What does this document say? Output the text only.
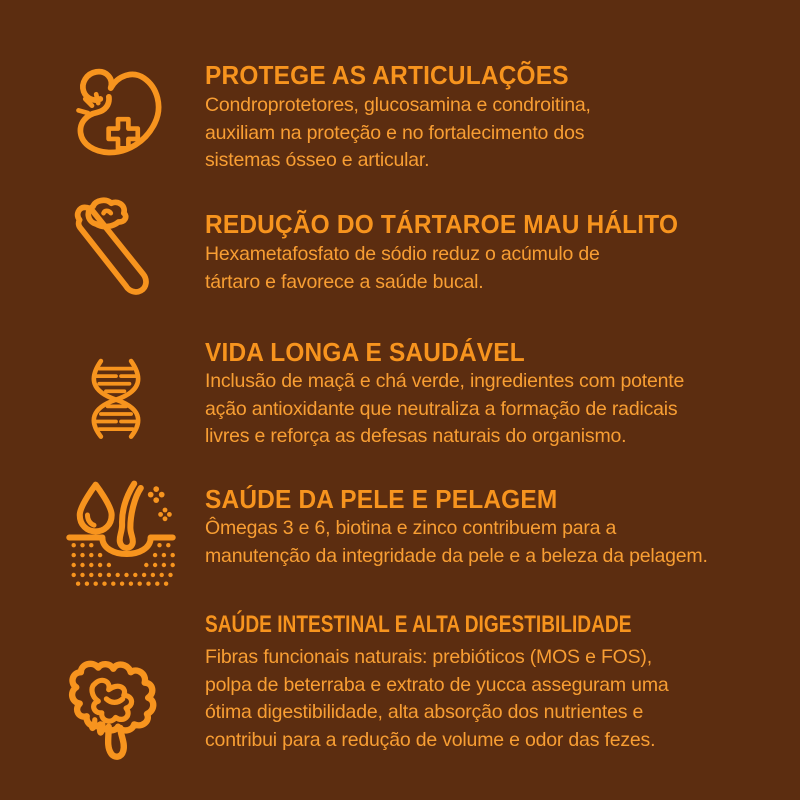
PROTEGE AS ARTICULAÇÕES

Condroprotetores, glucosamina e condroitina,

auxiliam na proteção e no fortalecimento dos

sistemas ósseo e articular.

REDUÇÃO DO TÁRTAROE MAU HÁLITO

Hexametafosfato de sódio reduz o acúmulo de

tártaro e favorece a saúde bucal.

VIDA LONGA E SAUDÁVEL

Inclusão de maçã e chá verde, ingredientes com potente

ação antioxidante que neutraliza a formação de radicais

livres e reforça as defesas naturais do organismo.

SAÚDE DA PELE E PELAGEM

Ômegas 3 e 6, biotina e zinco contribuem para a

manutenção da integridade da pele e a beleza da pelagem.

SAÚDE INTESTINAL E ALTA DIGESTIBILIDADE

Fibras funcionais naturais: prebióticos (MOS e FOS),

polpa de beterraba e extrato de yucca asseguram uma

ótima digestibilidade, alta absorção dos nutrientes e

contribui para a redução de volume e odor das fezes.
